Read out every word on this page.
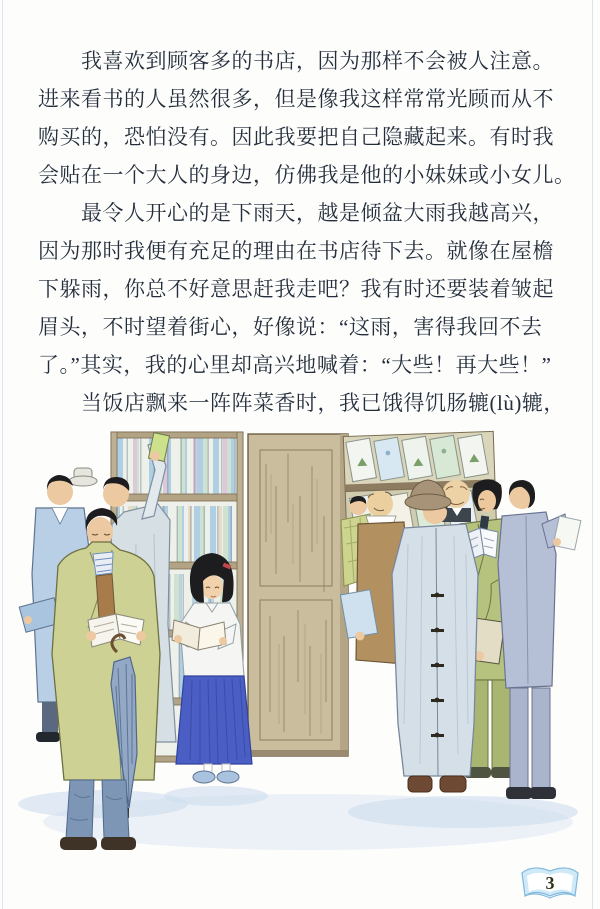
我喜欢到顾客多的书店，因为那样不会被人注意。
进来看书的人虽然很多，但是像我这样常常光顾而从不
购买的，恐怕没有。因此我要把自己隐藏起来。有时我
会贴在一个大人的身边，仿佛我是他的小妹妹或小女儿。
最令人开心的是下雨天，越是倾盆大雨我越高兴，
因为那时我便有充足的理由在书店待下去。就像在屋檐
下躲雨，你总不好意思赶我走吧？我有时还要装着皱起
眉头，不时望着街心，好像说：“这雨，害得我回不去
了。”其实，我的心里却高兴地喊着：“大些！再大些！”
当饭店飘来一阵阵菜香时，我已饿得饥肠辘(lù)辘，
3
